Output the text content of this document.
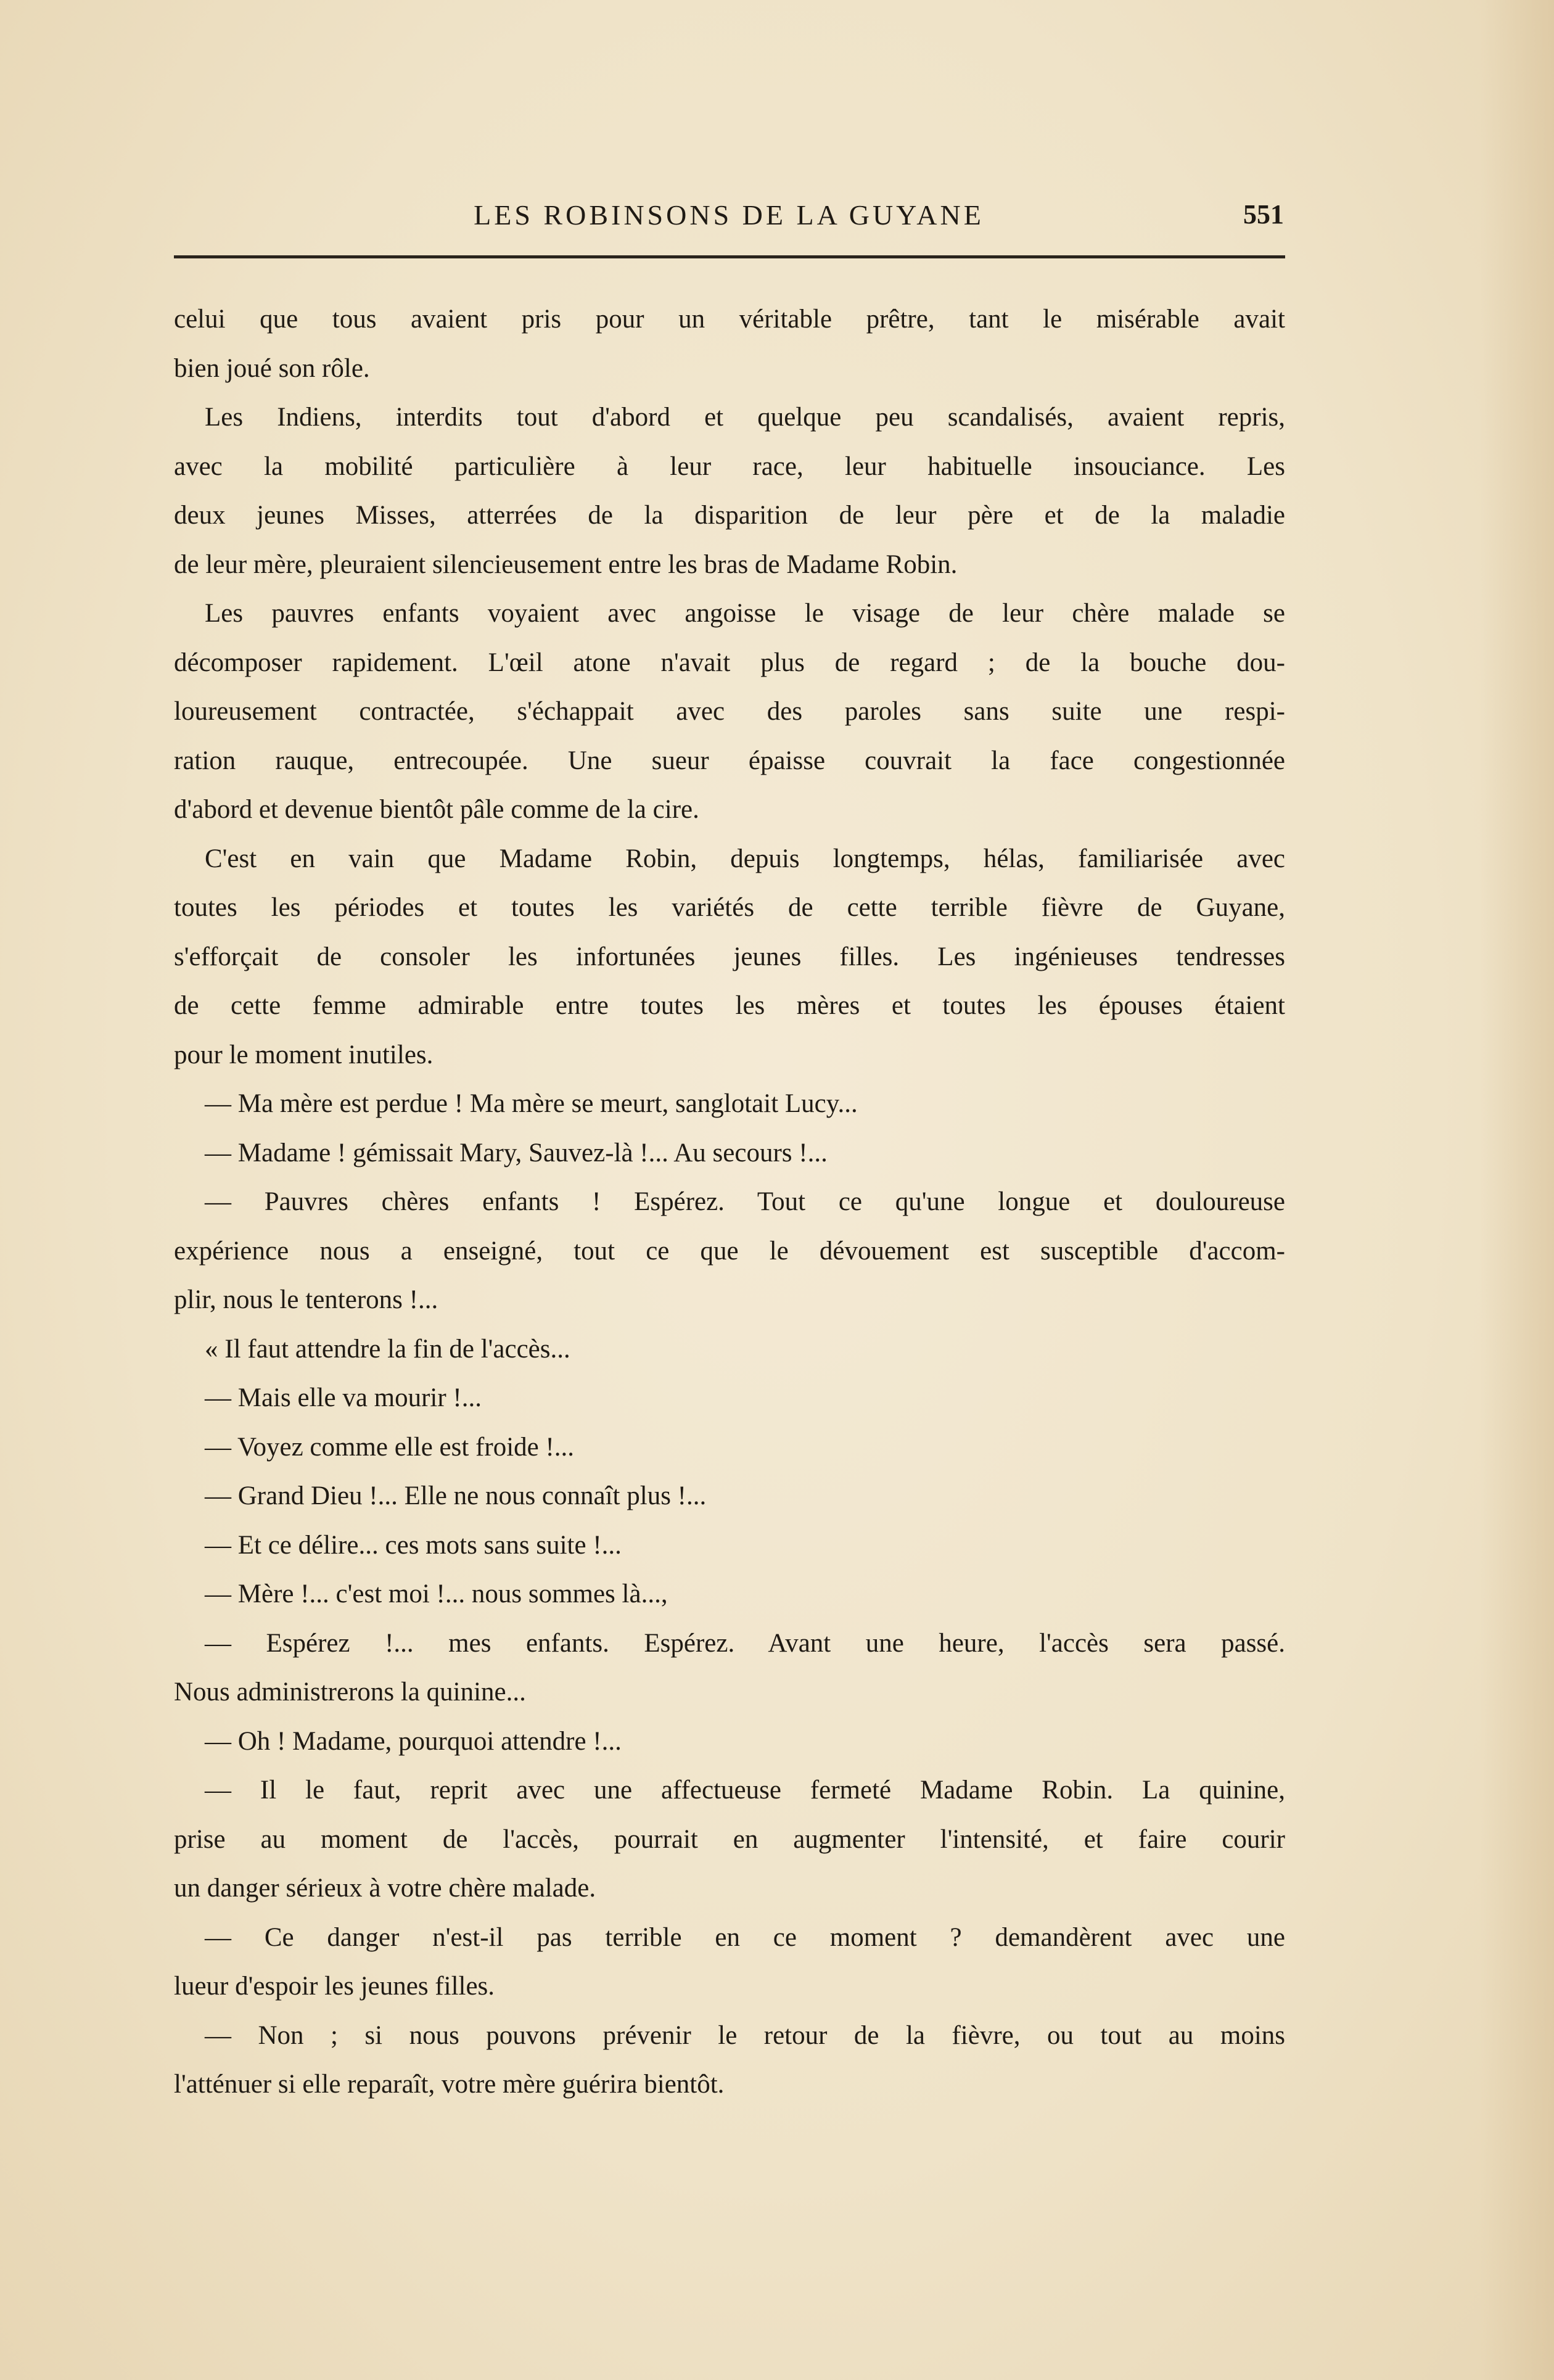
LES ROBINSONS DE LA GUYANE	551
celui que tous avaient pris pour un véritable prêtre, tant le misérable avait
bien joué son rôle.
Les Indiens, interdits tout d'abord et quelque peu scandalisés, avaient repris,
avec la mobilité particulière à leur race, leur habituelle insouciance. Les
deux jeunes Misses, atterrées de la disparition de leur père et de la maladie
de leur mère, pleuraient silencieusement entre les bras de Madame Robin.
Les pauvres enfants voyaient avec angoisse le visage de leur chère malade se
décomposer rapidement. L'œil atone n'avait plus de regard ; de la bouche dou-
loureusement contractée, s'échappait avec des paroles sans suite une respi-
ration rauque, entrecoupée. Une sueur épaisse couvrait la face congestionnée
d'abord et devenue bientôt pâle comme de la cire.
C'est en vain que Madame Robin, depuis longtemps, hélas, familiarisée avec
toutes les périodes et toutes les variétés de cette terrible fièvre de Guyane,
s'efforçait de consoler les infortunées jeunes filles. Les ingénieuses tendresses
de cette femme admirable entre toutes les mères et toutes les épouses étaient
pour le moment inutiles.
— Ma mère est perdue ! Ma mère se meurt, sanglotait Lucy...
— Madame ! gémissait Mary, Sauvez-là !... Au secours !...
— Pauvres chères enfants ! Espérez. Tout ce qu'une longue et douloureuse
expérience nous a enseigné, tout ce que le dévouement est susceptible d'accom-
plir, nous le tenterons !...
« Il faut attendre la fin de l'accès...
— Mais elle va mourir !...
— Voyez comme elle est froide !...
— Grand Dieu !... Elle ne nous connaît plus !...
— Et ce délire... ces mots sans suite !...
— Mère !... c'est moi !... nous sommes là...,
— Espérez !... mes enfants. Espérez. Avant une heure, l'accès sera passé.
Nous administrerons la quinine...
— Oh ! Madame, pourquoi attendre !...
— Il le faut, reprit avec une affectueuse fermeté Madame Robin. La quinine,
prise au moment de l'accès, pourrait en augmenter l'intensité, et faire courir
un danger sérieux à votre chère malade.
— Ce danger n'est-il pas terrible en ce moment ? demandèrent avec une
lueur d'espoir les jeunes filles.
— Non ; si nous pouvons prévenir le retour de la fièvre, ou tout au moins
l'atténuer si elle reparaît, votre mère guérira bientôt.
